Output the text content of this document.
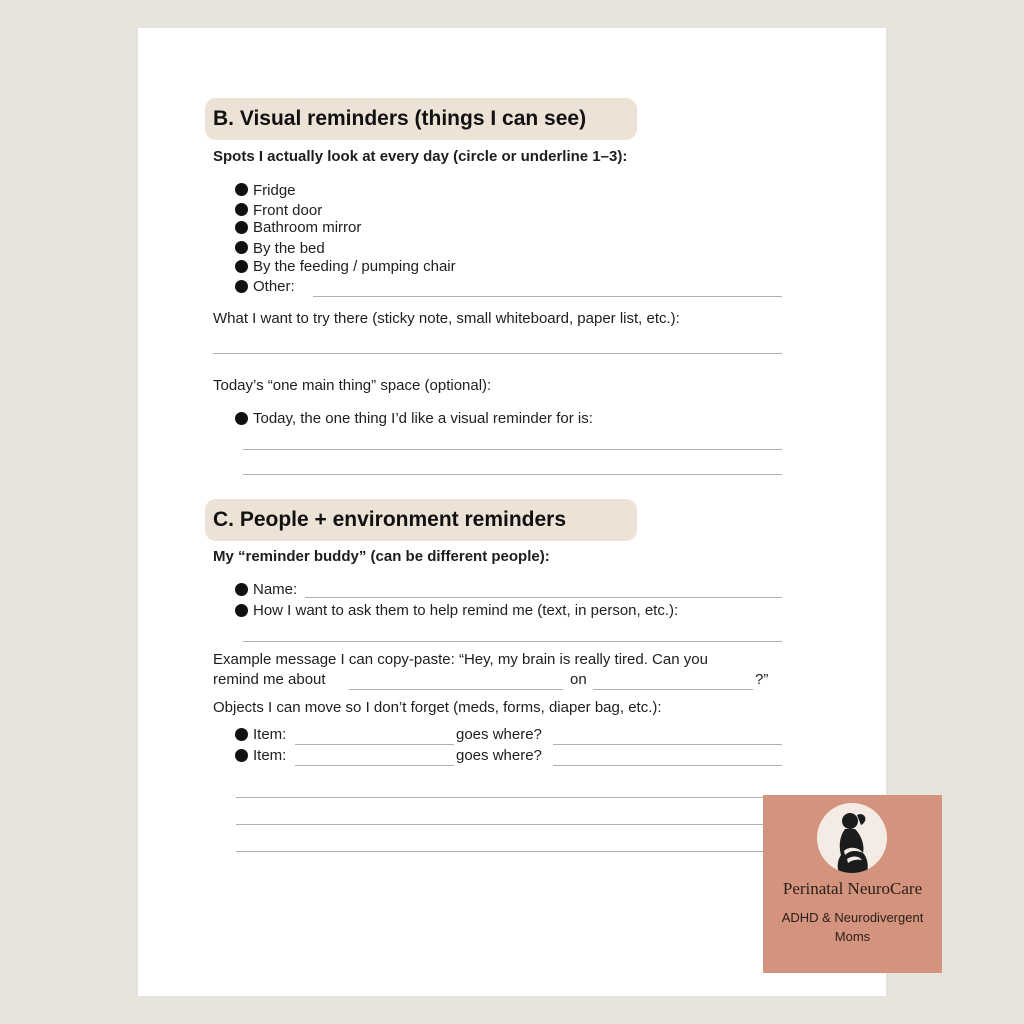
B. Visual reminders (things I can see)
Spots I actually look at every day (circle or underline 1–3):
Fridge
Front door
Bathroom mirror
By the bed
By the feeding / pumping chair
Other:
What I want to try there (sticky note, small whiteboard, paper list, etc.):
Today’s “one main thing” space (optional):
Today, the one thing I’d like a visual reminder for is:
C. People + environment reminders
My “reminder buddy” (can be different people):
Name:
How I want to ask them to help remind me (text, in person, etc.):
Example message I can copy-paste: “Hey, my brain is really tired. Can you
remind me about	on	?”
Objects I can move so I don’t forget (meds, forms, diaper bag, etc.):
Item:	goes where?
Item:	goes where?
Perinatal NeuroCare
ADHD & Neurodivergent Moms
